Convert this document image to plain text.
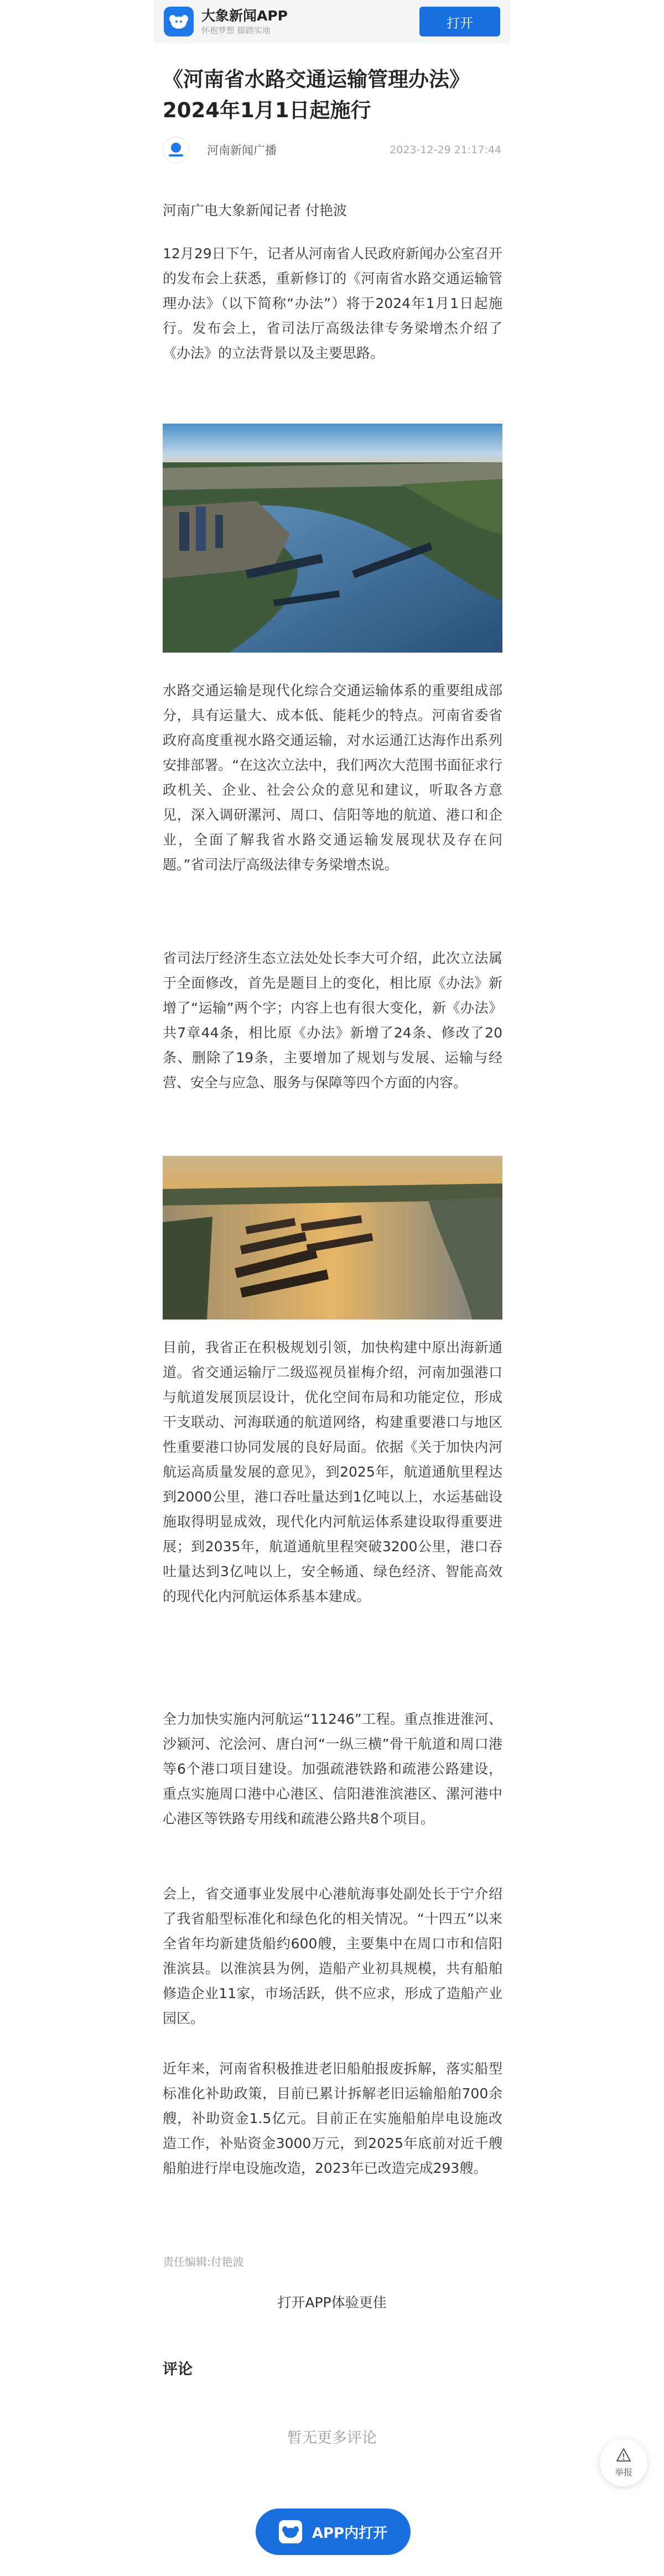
大象新闻APP
怀抱梦想 脚踏实地	打开
《河南省水路交通运输管理办法》2024年1月1日起施行
河南新闻广播	2023-12-29 21:17:44

河南广电大象新闻记者 付艳波

12月29日下午，记者从河南省人民政府新闻办公室召开的发布会上获悉，重新修订的《河南省水路交通运输管理办法》（以下简称“办法”）将于2024年1月1日起施行。发布会上，省司法厅高级法律专务梁增杰介绍了《办法》的立法背景以及主要思路。

水路交通运输是现代化综合交通运输体系的重要组成部分，具有运量大、成本低、能耗少的特点。河南省委省政府高度重视水路交通运输，对水运通江达海作出系列安排部署。“在这次立法中，我们两次大范围书面征求行政机关、企业、社会公众的意见和建议，听取各方意见，深入调研漯河、周口、信阳等地的航道、港口和企业，全面了解我省水路交通运输发展现状及存在问题。”省司法厅高级法律专务梁增杰说。

省司法厅经济生态立法处处长李大可介绍，此次立法属于全面修改，首先是题目上的变化，相比原《办法》新增了“运输”两个字；内容上也有很大变化，新《办法》共7章44条，相比原《办法》新增了24条、修改了20条、删除了19条，主要增加了规划与发展、运输与经营、安全与应急、服务与保障等四个方面的内容。

目前，我省正在积极规划引领，加快构建中原出海新通道。省交通运输厅二级巡视员崔梅介绍，河南加强港口与航道发展顶层设计，优化空间布局和功能定位，形成干支联动、河海联通的航道网络，构建重要港口与地区性重要港口协同发展的良好局面。依据《关于加快内河航运高质量发展的意见》，到2025年，航道通航里程达到2000公里，港口吞吐量达到1亿吨以上，水运基础设施取得明显成效，现代化内河航运体系建设取得重要进展；到2035年，航道通航里程突破3200公里，港口吞吐量达到3亿吨以上，安全畅通、绿色经济、智能高效的现代化内河航运体系基本建成。

全力加快实施内河航运“11246”工程。重点推进淮河、沙颍河、沱浍河、唐白河“一纵三横”骨干航道和周口港等6个港口项目建设。加强疏港铁路和疏港公路建设，重点实施周口港中心港区、信阳港淮滨港区、漯河港中心港区等铁路专用线和疏港公路共8个项目。

会上，省交通事业发展中心港航海事处副处长于宁介绍了我省船型标准化和绿色化的相关情况。“十四五”以来全省年均新建货船约600艘，主要集中在周口市和信阳淮滨县。以淮滨县为例，造船产业初具规模，共有船舶修造企业11家，市场活跃，供不应求，形成了造船产业园区。

近年来，河南省积极推进老旧船舶报废拆解，落实船型标准化补助政策，目前已累计拆解老旧运输船舶700余艘，补助资金1.5亿元。目前正在实施船舶岸电设施改造工作，补贴资金3000万元，到2025年底前对近千艘船舶进行岸电设施改造，2023年已改造完成293艘。

责任编辑:付艳波
打开APP体验更佳
评论
暂无更多评论
举报
APP内打开
